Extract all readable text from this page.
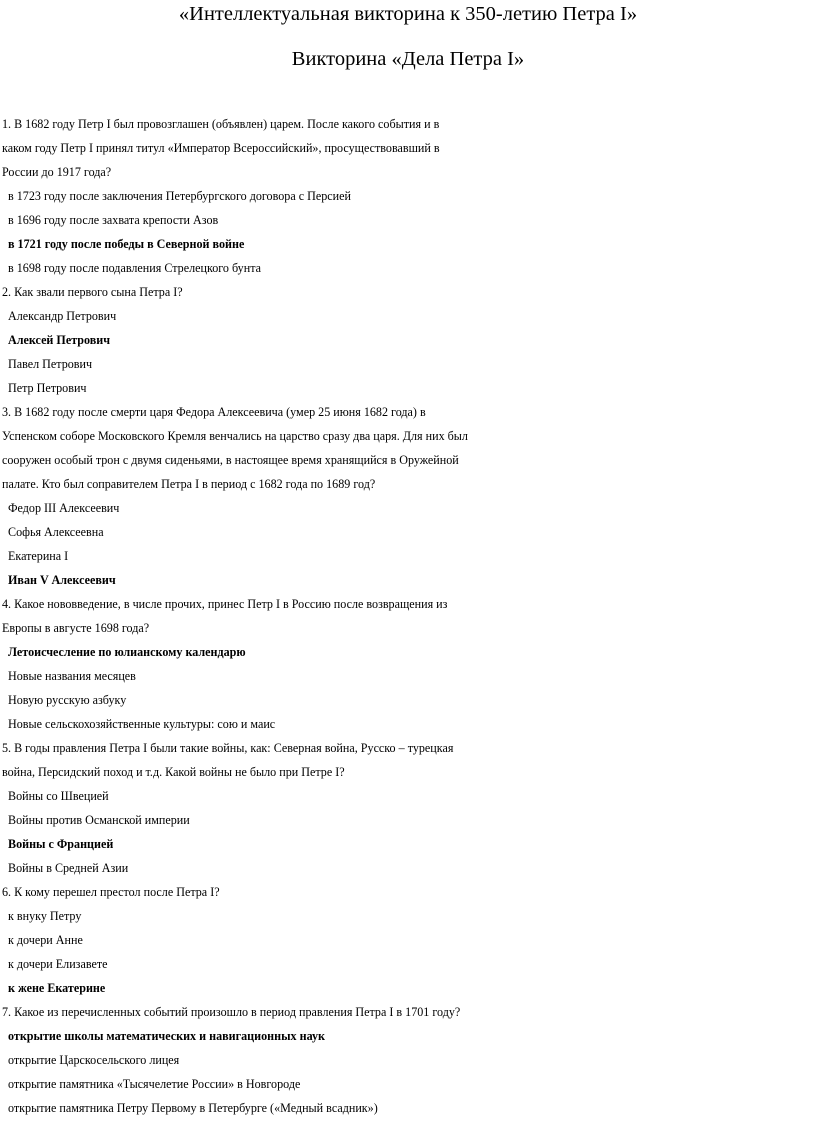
«Интеллектуальная викторина к 350-летию Петра I»
Викторина «Дела Петра I»
1. В 1682 году Петр I был провозглашен (объявлен) царем. После какого события и в
каком году Петр I принял титул «Император Всероссийский», просуществовавший в
России до 1917 года?
в 1723 году после заключения Петербургского договора с Персией
в 1696 году после захвата крепости Азов
в 1721 году после победы в Северной войне
в 1698 году после подавления Стрелецкого бунта
2. Как звали первого сына Петра I?
Александр Петрович
Алексей Петрович
Павел Петрович
Петр Петрович
3. В 1682 году после смерти царя Федора Алексеевича (умер 25 июня 1682 года) в
Успенском соборе Московского Кремля венчались на царство сразу два царя. Для них был
сооружен особый трон с двумя сиденьями, в настоящее время хранящийся в Оружейной
палате. Кто был соправителем Петра I в период с 1682 года по 1689 год?
Федор III Алексеевич
Софья Алексеевна
Екатерина I
Иван V Алексеевич
4. Какое нововведение, в числе прочих, принес Петр I в Россию после возвращения из
Европы в августе 1698 года?
Летоисчесление по юлианскому календарю
Новые названия месяцев
Новую русскую азбуку
Новые сельскохозяйственные культуры: сою и маис
5. В годы правления Петра I были такие войны, как: Северная война, Русско – турецкая
война, Персидский поход и т.д. Какой войны не было при Петре I?
Войны со Швецией
Войны против Османской империи
Войны с Францией
Войны в Средней Азии
6. К кому перешел престол после Петра I?
к внуку Петру
к дочери Анне
к дочери Елизавете
к жене Екатерине
7. Какое из перечисленных событий произошло в период правления Петра I в 1701 году?
открытие школы математических и навигационных наук
открытие Царскосельского лицея
открытие памятника «Тысячелетие России» в Новгороде
открытие памятника Петру Первому в Петербурге («Медный всадник»)
